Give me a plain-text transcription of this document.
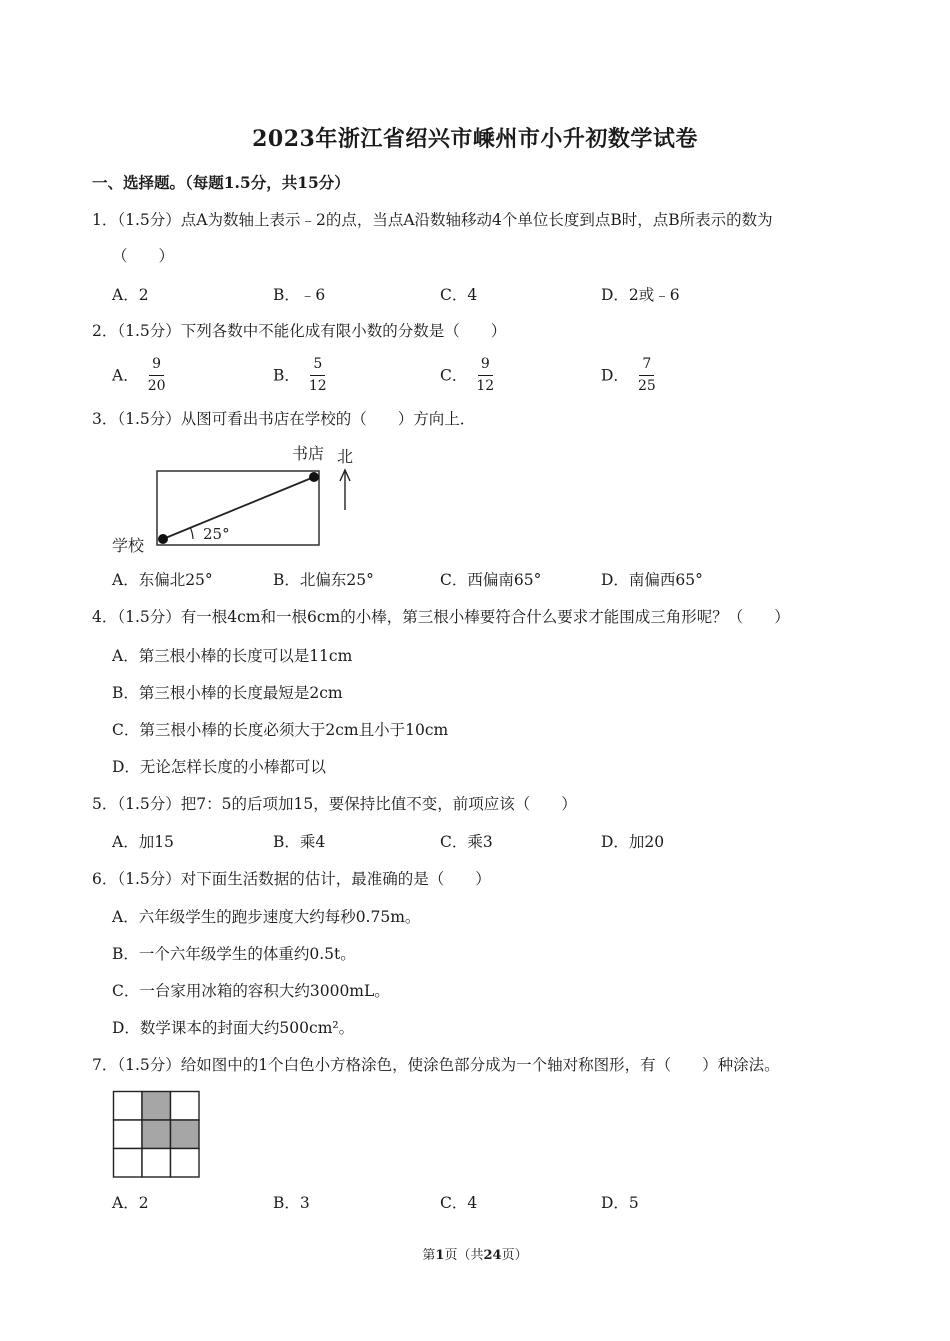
2023年浙江省绍兴市嵊州市小升初数学试卷
一、选择题。（每题1.5分，共15分）
1．（1.5分）点A为数轴上表示﹣2的点，当点A沿数轴移动4个单位长度到点B时，点B所表示的数为
（　　）
A．2	B．﹣6	C．4	D．2或﹣6
2．（1.5分）下列各数中不能化成有限小数的分数是（　　）
A． $\frac{9}{20}$	B． $\frac{5}{12}$	C． $\frac{9}{12}$	D． $\frac{7}{25}$
3．（1.5分）从图可看出书店在学校的（　　）方向上．
书店 北
学校
25°
A．东偏北25°	B．北偏东25°	C．西偏南65°	D．南偏西65°
4．（1.5分）有一根4cm和一根6cm的小棒，第三根小棒要符合什么要求才能围成三角形呢？（　　）
A．第三根小棒的长度可以是11cm
B．第三根小棒的长度最短是2cm
C．第三根小棒的长度必须大于2cm且小于10cm
D．无论怎样长度的小棒都可以
5．（1.5分）把7：5的后项加15，要保持比值不变，前项应该（　　）
A．加15	B．乘4	C．乘3	D．加20
6．（1.5分）对下面生活数据的估计，最准确的是（　　）
A．六年级学生的跑步速度大约每秒0.75m。
B．一个六年级学生的体重约0.5t。
C．一台家用冰箱的容积大约3000mL。
D．数学课本的封面大约500cm²。
7．（1.5分）给如图中的1个白色小方格涂色，使涂色部分成为一个轴对称图形，有（　　）种涂法。
A．2	B．3	C．4	D．5
第1页（共24页）
